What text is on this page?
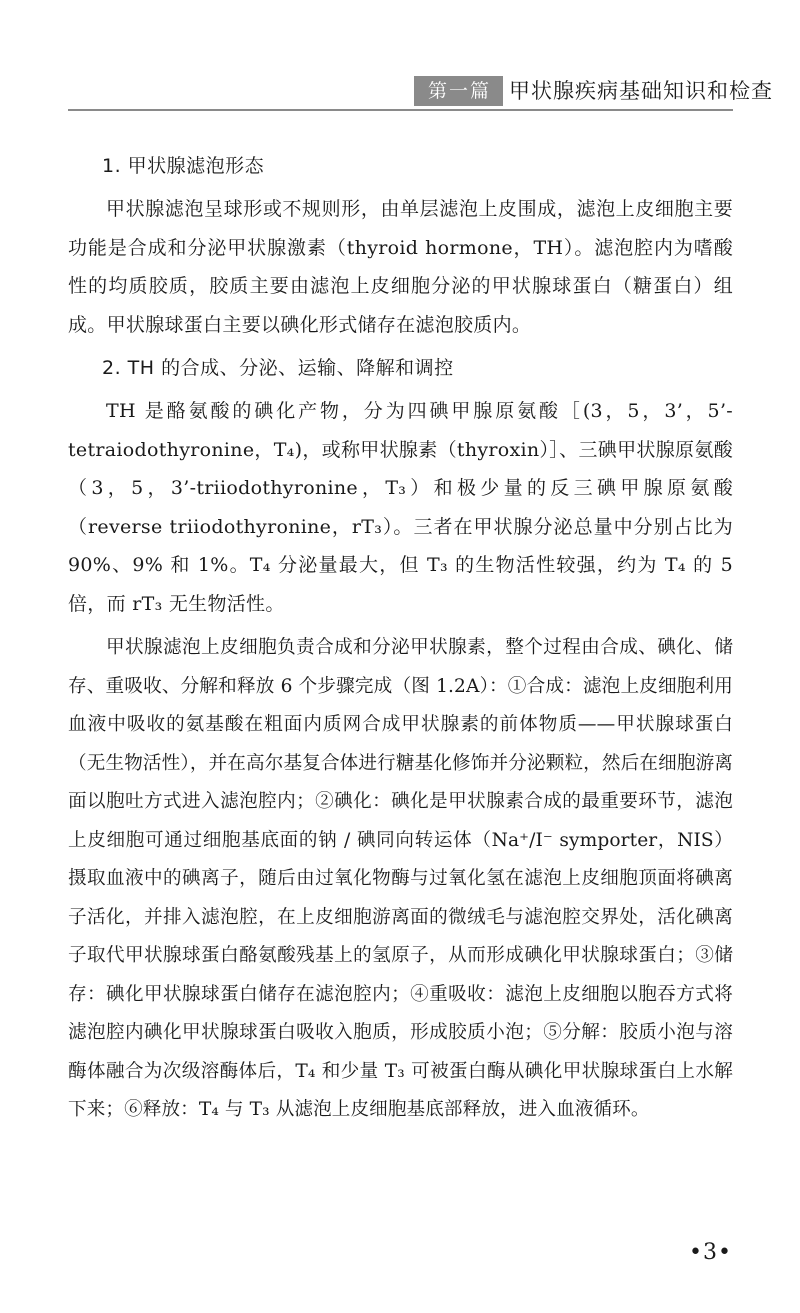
第一篇 甲状腺疾病基础知识和检查
1. 甲状腺滤泡形态

甲状腺滤泡呈球形或不规则形，由单层滤泡上皮围成，滤泡上皮细胞主要功能是合成和分泌甲状腺激素（thyroid hormone，TH）。滤泡腔内为嗜酸性的均质胶质，胶质主要由滤泡上皮细胞分泌的甲状腺球蛋白（糖蛋白）组成。甲状腺球蛋白主要以碘化形式储存在滤泡胶质内。

2. TH 的合成、分泌、运输、降解和调控

TH 是酪氨酸的碘化产物，分为四碘甲腺原氨酸［(3，5，3’，5’-tetraiodothyronine，T₄)，或称甲状腺素（thyroxin）］、三碘甲状腺原氨酸（3，5，3’-triiodothyronine，T₃）和极少量的反三碘甲腺原氨酸（reverse triiodothyronine，rT₃）。三者在甲状腺分泌总量中分别占比为 90%、9% 和 1%。T₄ 分泌量最大，但 T₃ 的生物活性较强，约为 T₄ 的 5 倍，而 rT₃ 无生物活性。

甲状腺滤泡上皮细胞负责合成和分泌甲状腺素，整个过程由合成、碘化、储存、重吸收、分解和释放 6 个步骤完成（图 1.2A）：①合成：滤泡上皮细胞利用血液中吸收的氨基酸在粗面内质网合成甲状腺素的前体物质——甲状腺球蛋白（无生物活性），并在高尔基复合体进行糖基化修饰并分泌颗粒，然后在细胞游离面以胞吐方式进入滤泡腔内；②碘化：碘化是甲状腺素合成的最重要环节，滤泡上皮细胞可通过细胞基底面的钠 / 碘同向转运体（Na⁺/I⁻ symporter，NIS）摄取血液中的碘离子，随后由过氧化物酶与过氧化氢在滤泡上皮细胞顶面将碘离子活化，并排入滤泡腔，在上皮细胞游离面的微绒毛与滤泡腔交界处，活化碘离子取代甲状腺球蛋白酪氨酸残基上的氢原子，从而形成碘化甲状腺球蛋白；③储存：碘化甲状腺球蛋白储存在滤泡腔内；④重吸收：滤泡上皮细胞以胞吞方式将滤泡腔内碘化甲状腺球蛋白吸收入胞质，形成胶质小泡；⑤分解：胶质小泡与溶酶体融合为次级溶酶体后，T₄ 和少量 T₃ 可被蛋白酶从碘化甲状腺球蛋白上水解下来；⑥释放：T₄ 与 T₃ 从滤泡上皮细胞基底部释放，进入血液循环。

•3•
